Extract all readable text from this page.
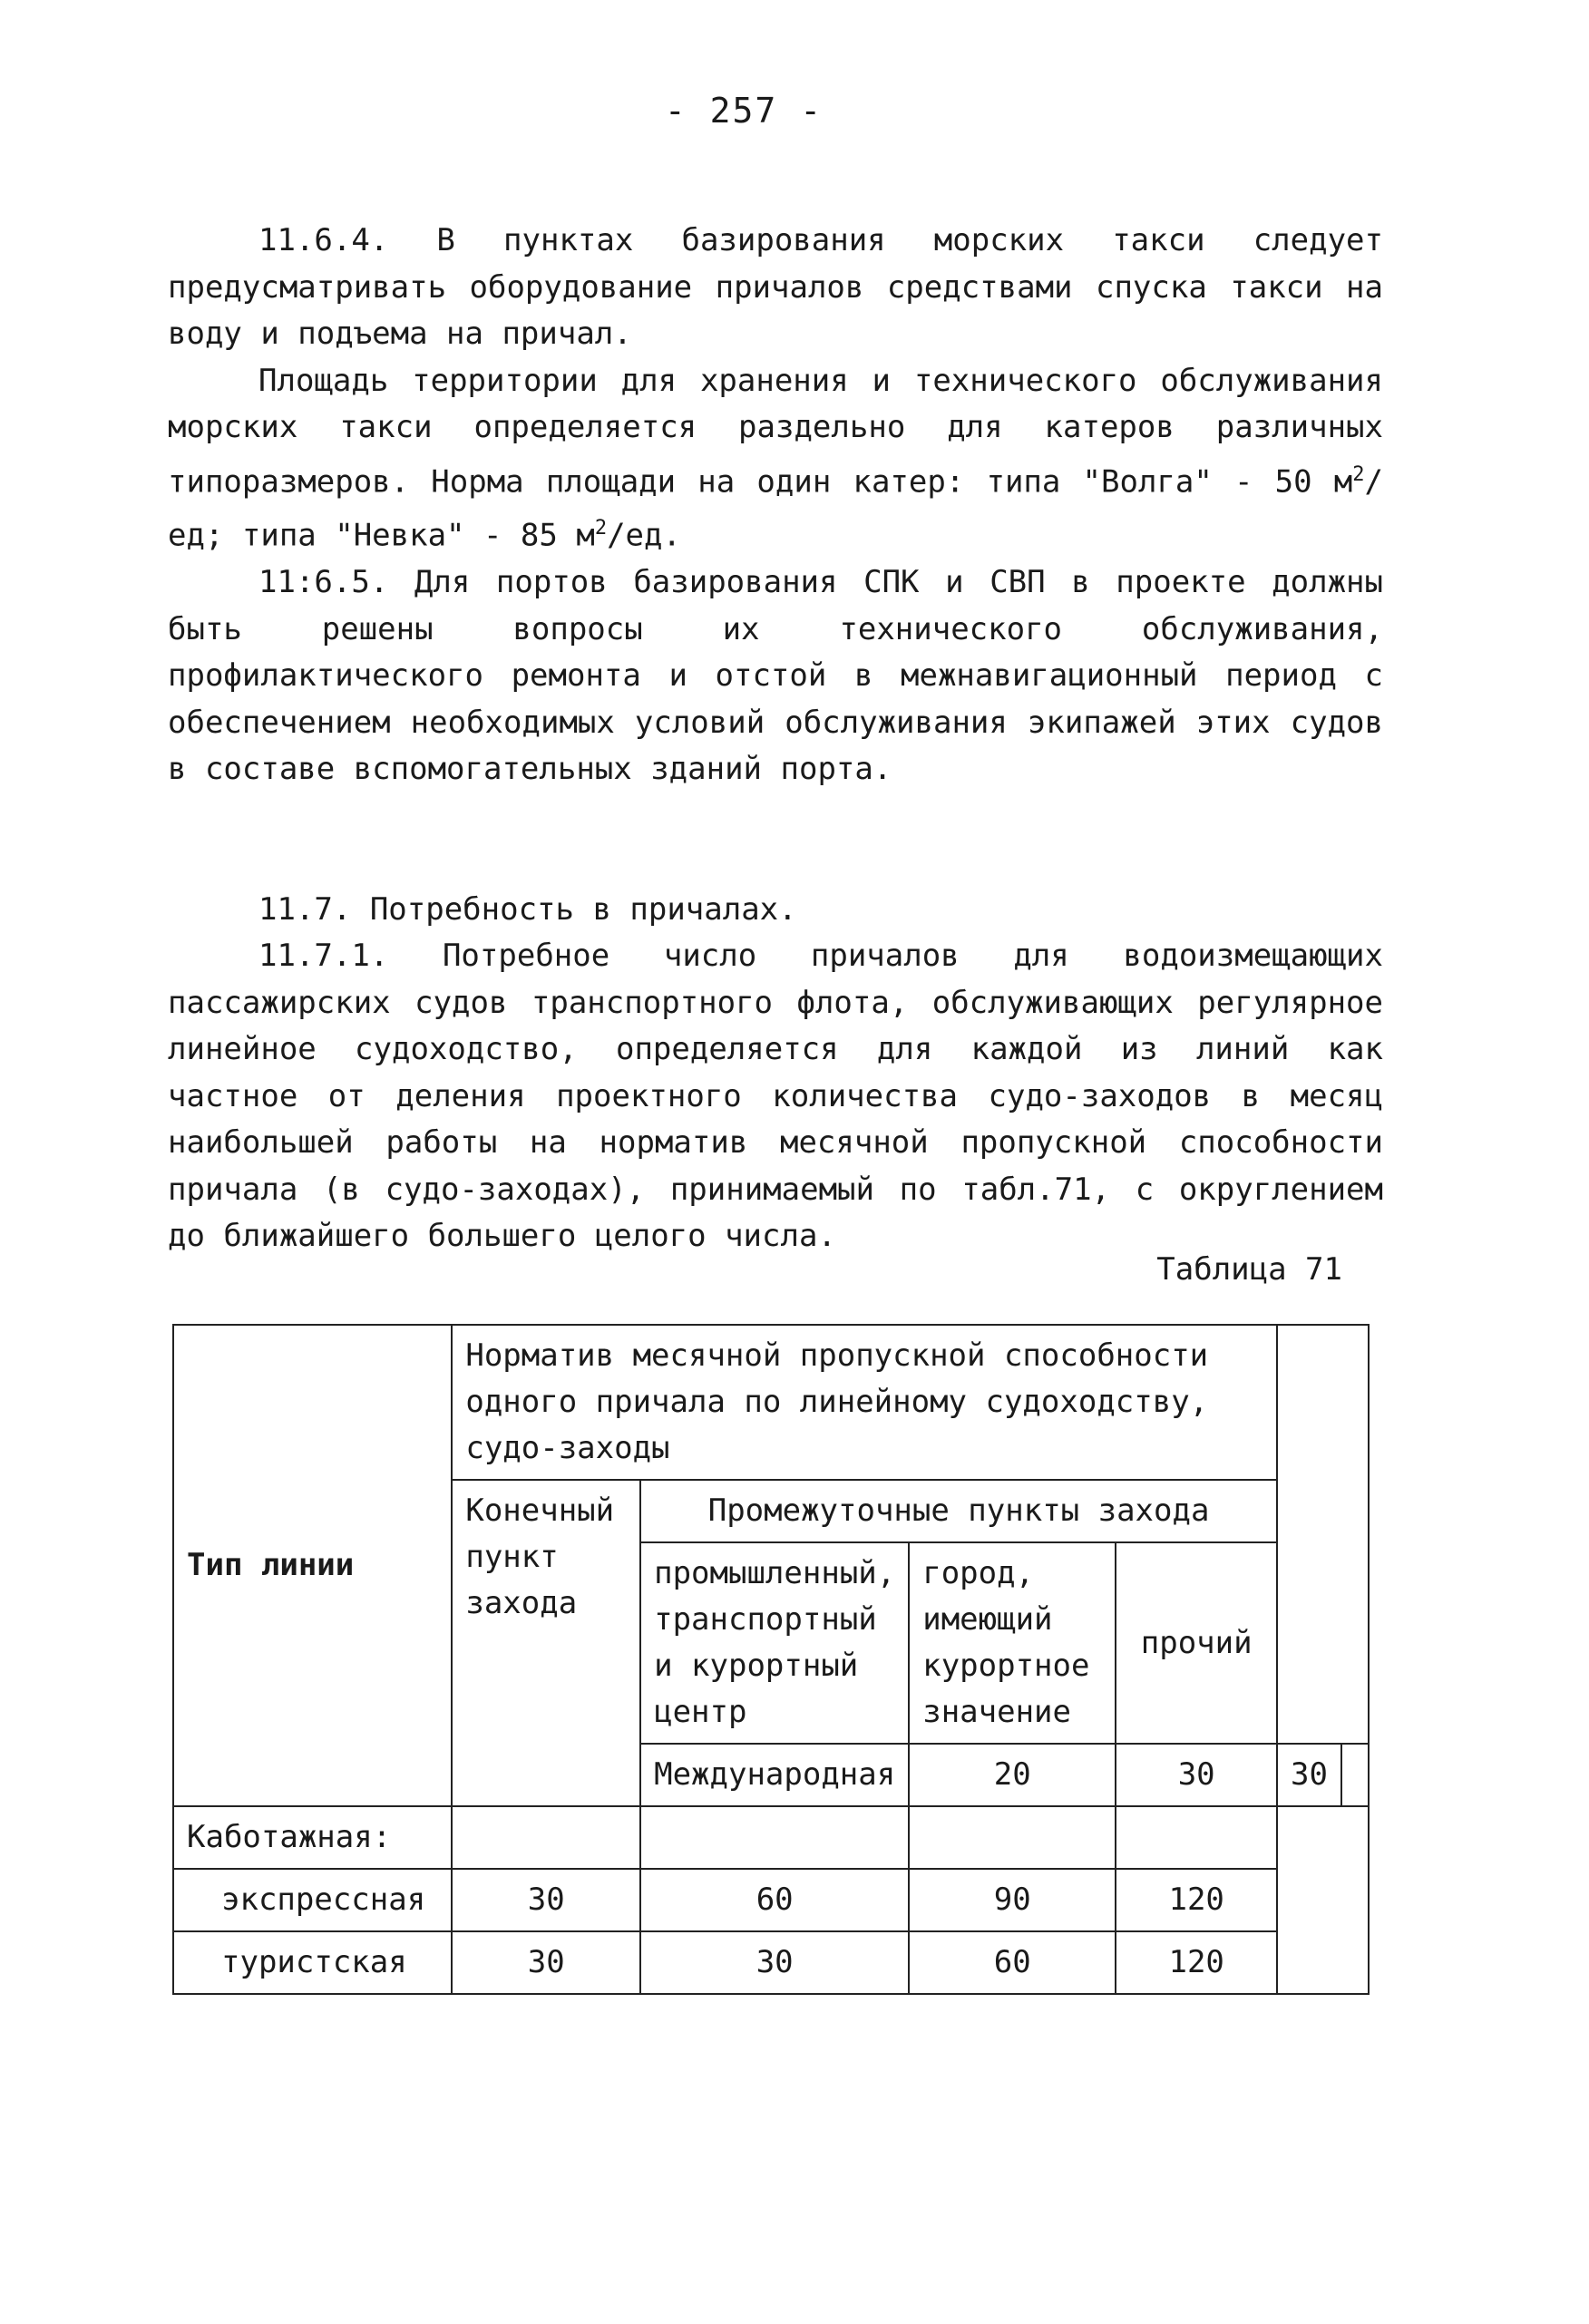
- 257 -

11.6.4. В пунктах базирования морских такси следует предусматривать оборудование причалов средствами спуска такси на воду и подъема на причал.

Площадь территории для хранения и технического обслуживания морских такси определяется раздельно для катеров различных типоразмеров. Норма площади на один катер: типа "Волга" - 50 $м^2/ед$; типа "Невка" - 85 $м^2/ед$.

11:6.5. Для портов базирования СПК и СВП в проекте должны быть решены вопросы их технического обслуживания, профилактического ремонта и отстой в межнавигационный период с обеспечением необходимых условий обслуживания экипажей этих судов в составе вспомогательных зданий порта.

11.7. Потребность в причалах.

11.7.1. Потребное число причалов для водоизмещающих пассажирских судов транспортного флота, обслуживающих регулярное линейное судоходство, определяется для каждой из линий как частное от деления проектного количества судо-заходов в месяц наибольшей работы на норматив месячной пропускной способности причала (в судо-заходах), принимаемый по табл.71, с округлением до ближайшего большего целого числа.

Таблица 71
Тип линии	Норматив месячной пропускной способности одного причала по линейному судоходству, судо-заходы					
	Конечный пункт захода	Промежуточные пункты захода				
		промышленный, транспортный и курортный центр	город, имеющий курортное значение	прочий		
		Международная	20	30	30	
Каботажная:						
экспрессная	30	60	90	120		
туристская	30	30	60	120		
